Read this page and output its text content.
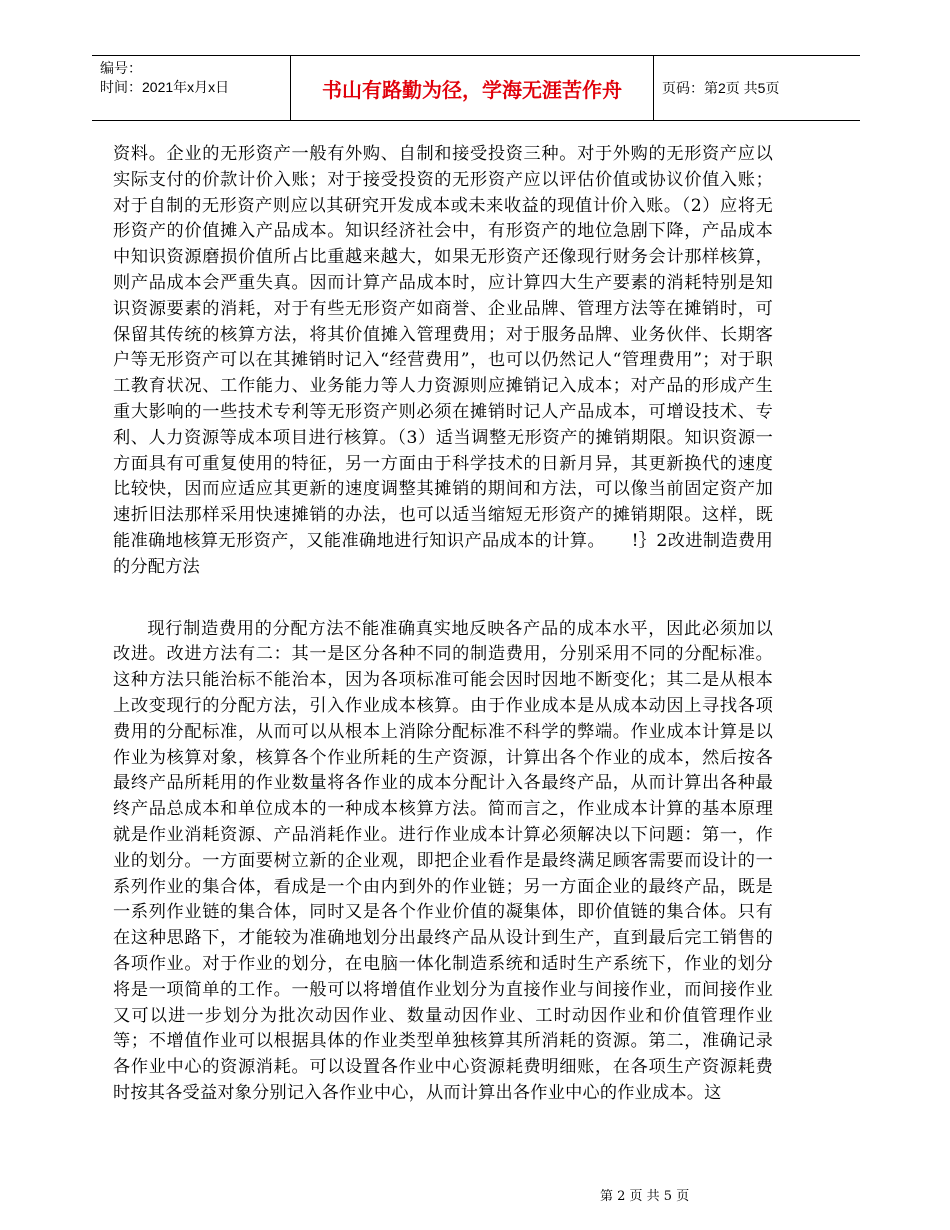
编号：
时间：2021年x月x日	书山有路勤为径，学海无涯苦作舟	页码：第2页 共5页

资料。企业的无形资产一般有外购、自制和接受投资三种。对于外购的无形资产应以实际支付的价款计价入账；对于接受投资的无形资产应以评估价值或协议价值入账；对于自制的无形资产则应以其研究开发成本或未来收益的现值计价入账。（2）应将无形资产的价值摊入产品成本。知识经济社会中，有形资产的地位急剧下降，产品成本中知识资源磨损价值所占比重越来越大，如果无形资产还像现行财务会计那样核算，则产品成本会严重失真。因而计算产品成本时，应计算四大生产要素的消耗特别是知识资源要素的消耗，对于有些无形资产如商誉、企业品牌、管理方法等在摊销时，可保留其传统的核算方法，将其价值摊入管理费用；对于服务品牌、业务伙伴、长期客户等无形资产可以在其摊销时记入“经营费用”，也可以仍然记人“管理费用”；对于职工教育状况、工作能力、业务能力等人力资源则应摊销记入成本；对产品的形成产生重大影响的一些技术专利等无形资产则必须在摊销时记人产品成本，可增设技术、专利、人力资源等成本项目进行核算。（3）适当调整无形资产的摊销期限。知识资源一方面具有可重复使用的特征，另一方面由于科学技术的日新月异，其更新换代的速度比较快，因而应适应其更新的速度调整其摊销的期间和方法，可以像当前固定资产加速折旧法那样采用快速摊销的办法，也可以适当缩短无形资产的摊销期限。这样，既能准确地核算无形资产，又能准确地进行知识产品成本的计算。　　!｝2改进制造费用的分配方法

现行制造费用的分配方法不能准确真实地反映各产品的成本水平，因此必须加以改进。改进方法有二：其一是区分各种不同的制造费用，分别采用不同的分配标准。这种方法只能治标不能治本，因为各项标准可能会因时因地不断变化；其二是从根本上改变现行的分配方法，引入作业成本核算。由于作业成本是从成本动因上寻找各项费用的分配标准，从而可以从根本上消除分配标准不科学的弊端。作业成本计算是以作业为核算对象，核算各个作业所耗的生产资源，计算出各个作业的成本，然后按各最终产品所耗用的作业数量将各作业的成本分配计入各最终产品，从而计算出各种最终产品总成本和单位成本的一种成本核算方法。简而言之，作业成本计算的基本原理就是作业消耗资源、产品消耗作业。进行作业成本计算必须解决以下问题：第一，作业的划分。一方面要树立新的企业观，即把企业看作是最终满足顾客需要而设计的一系列作业的集合体，看成是一个由内到外的作业链；另一方面企业的最终产品，既是一系列作业链的集合体，同时又是各个作业价值的凝集体，即价值链的集合体。只有在这种思路下，才能较为准确地划分出最终产品从设计到生产，直到最后完工销售的各项作业。对于作业的划分，在电脑一体化制造系统和适时生产系统下，作业的划分将是一项简单的工作。一般可以将增值作业划分为直接作业与间接作业，而间接作业又可以进一步划分为批次动因作业、数量动因作业、工时动因作业和价值管理作业等；不增值作业可以根据具体的作业类型单独核算其所消耗的资源。第二，准确记录各作业中心的资源消耗。可以设置各作业中心资源耗费明细账，在各项生产资源耗费时按其各受益对象分别记入各作业中心，从而计算出各作业中心的作业成本。这

第 2 页 共 5 页
